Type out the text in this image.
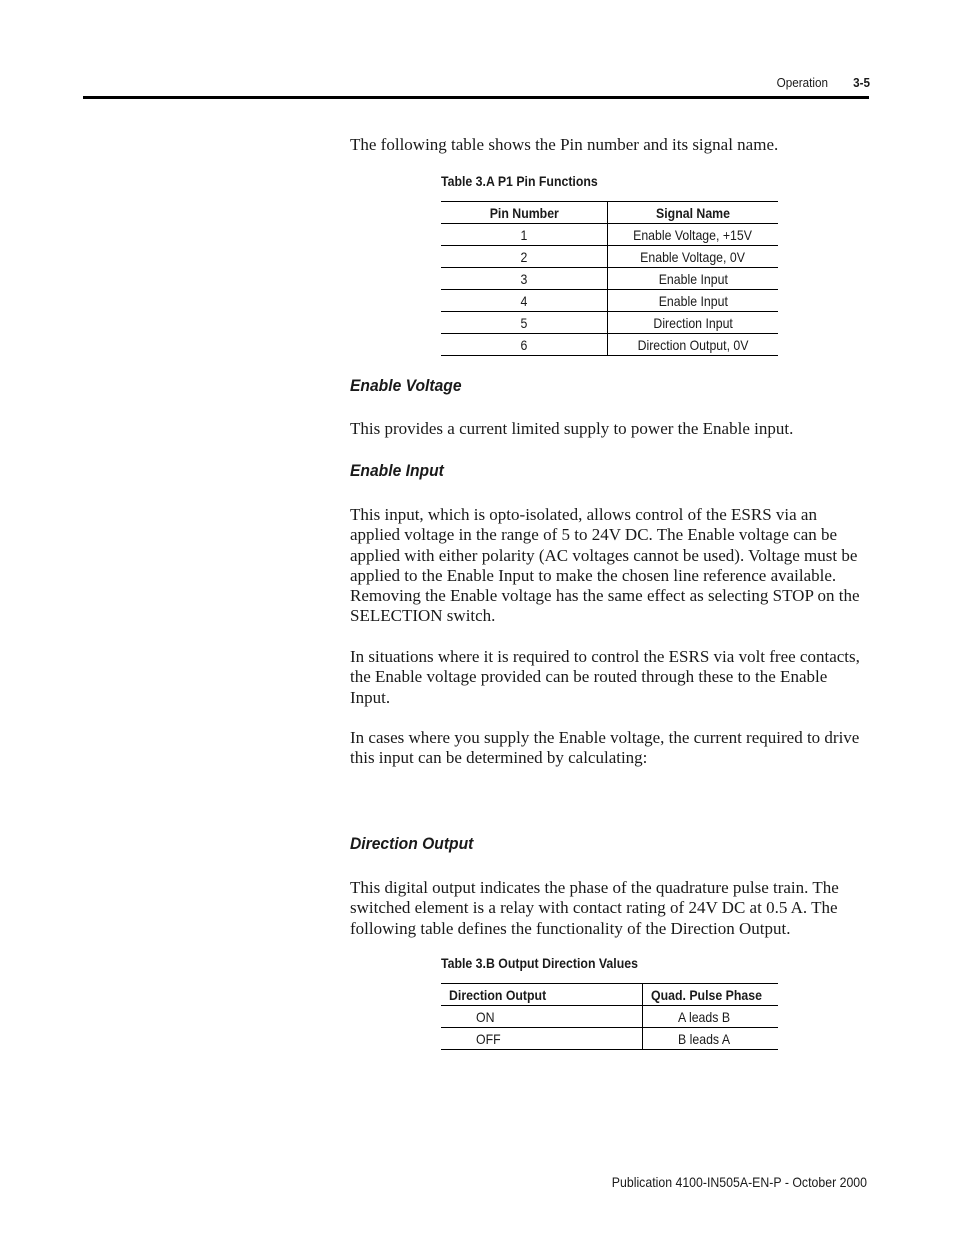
Operation	3-5
The following table shows the Pin number and its signal name.
Table 3.A P1 Pin Functions
Pin Number	Signal Name
1	Enable Voltage, +15V
2	Enable Voltage, 0V
3	Enable Input
4	Enable Input
5	Direction Input
6	Direction Output, 0V
Enable Voltage
This provides a current limited supply to power the Enable input.
Enable Input
This input, which is opto-isolated, allows control of the ESRS via an applied voltage in the range of 5 to 24V DC. The Enable voltage can be applied with either polarity (AC voltages cannot be used). Voltage must be applied to the Enable Input to make the chosen line reference available. Removing the Enable voltage has the same effect as selecting STOP on the SELECTION switch.
In situations where it is required to control the ESRS via volt free contacts, the Enable voltage provided can be routed through these to the Enable Input.
In cases where you supply the Enable voltage, the current required to drive this input can be determined by calculating:
Direction Output
This digital output indicates the phase of the quadrature pulse train. The switched element is a relay with contact rating of 24V DC at 0.5 A. The following table defines the functionality of the Direction Output.
Table 3.B Output Direction Values
Direction Output	Quad. Pulse Phase
ON	A leads B
OFF	B leads A
Publication 4100-IN505A-EN-P - October 2000
